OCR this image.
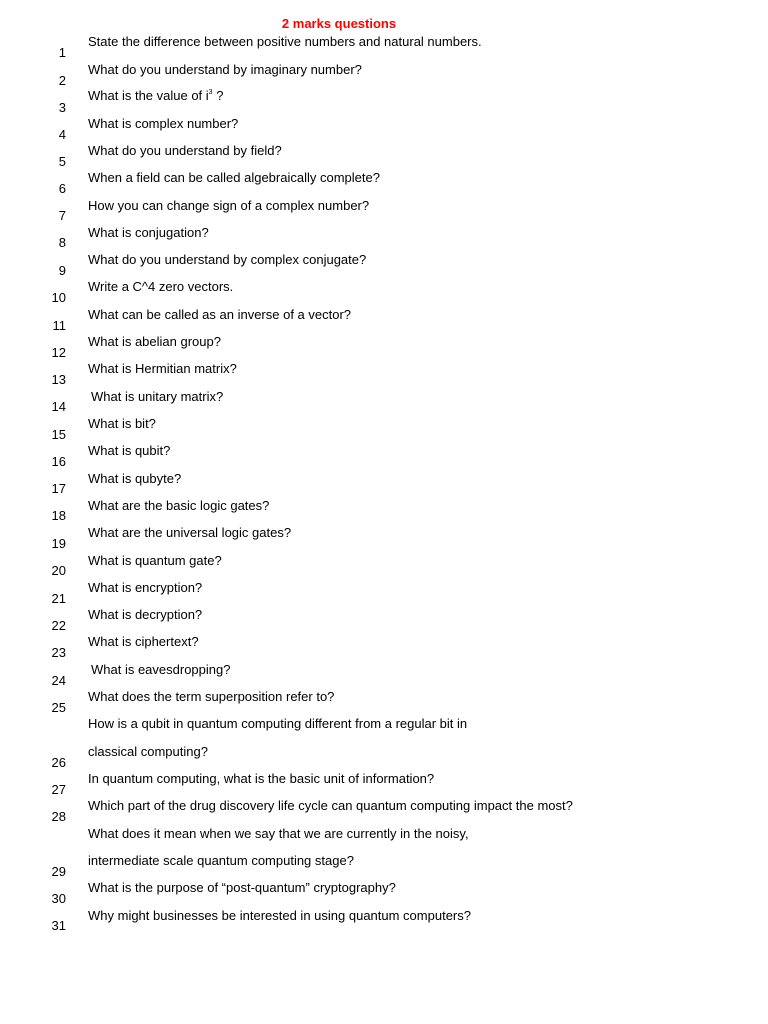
2 marks questions
1
2
3
4
5
6
7
8
9
10
11
12
13
14
15
16
17
18
19
20
21
22
23
24
25
26
27
28
29
30
31
State the difference between positive numbers and natural numbers.
What do you understand by imaginary number?
What is the value of $i^3$ ?
What is complex number?
What do you understand by field?
When a field can be called algebraically complete?
How you can change sign of a complex number?
What is conjugation?
What do you understand by complex conjugate?
Write a C^4 zero vectors.
What can be called as an inverse of a vector?
What is abelian group?
What is Hermitian matrix?
What is unitary matrix?
What is bit?
What is qubit?
What is qubyte?
What are the basic logic gates?
What are the universal logic gates?
What is quantum gate?
What is encryption?
What is decryption?
What is ciphertext?
What is eavesdropping?
What does the term superposition refer to?
How is a qubit in quantum computing different from a regular bit in
classical computing?
In quantum computing, what is the basic unit of information?
Which part of the drug discovery life cycle can quantum computing impact the most?
What does it mean when we say that we are currently in the noisy,
intermediate scale quantum computing stage?
What is the purpose of “post-quantum” cryptography?
Why might businesses be interested in using quantum computers?
